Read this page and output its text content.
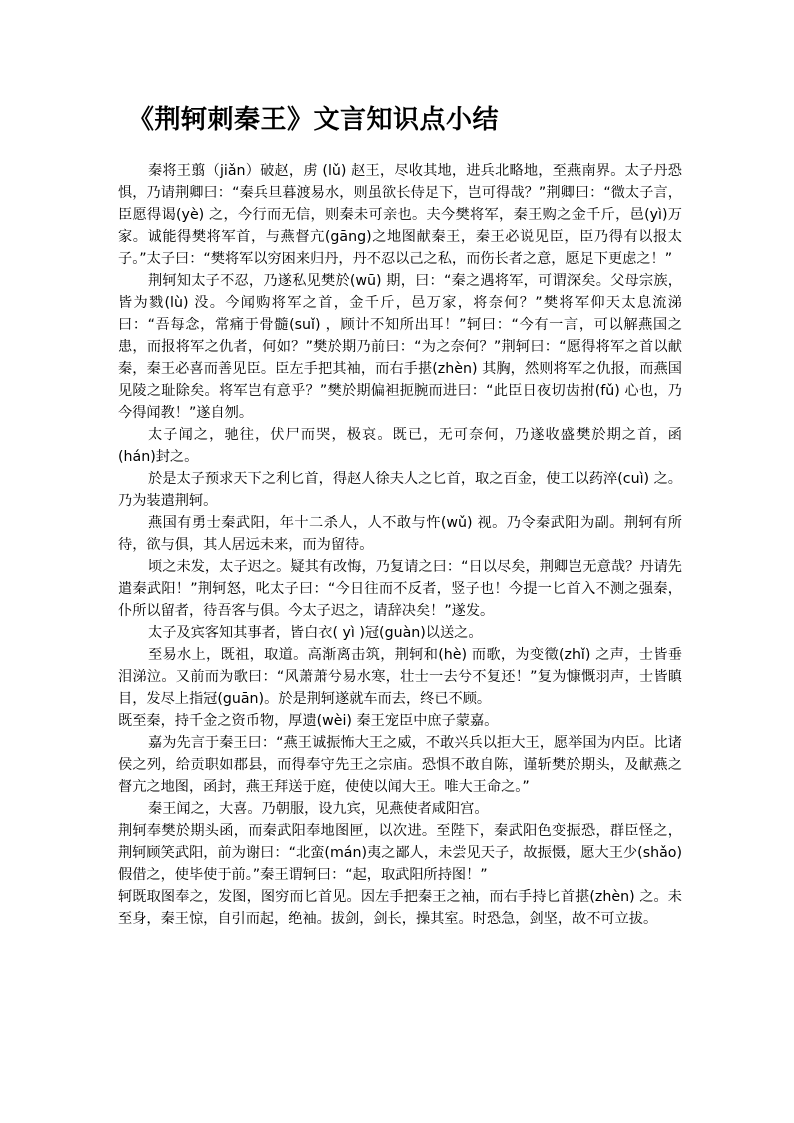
《荆轲刺秦王》文言知识点小结

秦将王翦（jiǎn）破赵，虏 (lǔ) 赵王，尽收其地，进兵北略地，至燕南界。太子丹恐惧，乃请荆卿曰：“秦兵旦暮渡易水，则虽欲长侍足下，岂可得哉？”荆卿曰：“微太子言，臣愿得谒(yè) 之，今行而无信，则秦未可亲也。夫今樊将军，秦王购之金千斤，邑(yì)万家。诚能得樊将军首，与燕督亢(gāng)之地图献秦王，秦王必说见臣，臣乃得有以报太子。”太子曰：“樊将军以穷困来归丹，丹不忍以己之私，而伤长者之意，愿足下更虑之！”

荆轲知太子不忍，乃遂私见樊於(wū) 期，曰：“秦之遇将军，可谓深矣。父母宗族，皆为戮(lù) 没。今闻购将军之首，金千斤，邑万家，将奈何？”樊将军仰天太息流涕曰：“吾每念，常痛于骨髓(suǐ) ，顾计不知所出耳！”轲曰：“今有一言，可以解燕国之患，而报将军之仇者，何如？”樊於期乃前曰：“为之奈何？”荆轲曰：“愿得将军之首以献秦，秦王必喜而善见臣。臣左手把其袖，而右手揕(zhèn) 其胸，然则将军之仇报，而燕国见陵之耻除矣。将军岂有意乎？”樊於期偏袒扼腕而进曰：“此臣日夜切齿拊(fǔ) 心也，乃今得闻教！”遂自刎。

太子闻之，驰往，伏尸而哭，极哀。既已，无可奈何，乃遂收盛樊於期之首，函(hán)封之。

於是太子预求天下之利匕首，得赵人徐夫人之匕首，取之百金，使工以药淬(cuì) 之。乃为装遣荆轲。

燕国有勇士秦武阳，年十二杀人，人不敢与忤(wǔ) 视。乃令秦武阳为副。荆轲有所待，欲与俱，其人居远未来，而为留待。

顷之未发，太子迟之。疑其有改悔，乃复请之曰：“日以尽矣，荆卿岂无意哉？丹请先遣秦武阳！”荆轲怒，叱太子曰：“今日往而不反者，竖子也！今提一匕首入不测之强秦，仆所以留者，待吾客与俱。今太子迟之，请辞决矣！”遂发。

太子及宾客知其事者，皆白衣( yì )冠(guàn)以送之。

至易水上，既祖，取道。高渐离击筑，荆轲和(hè) 而歌，为变徵(zhǐ) 之声，士皆垂泪涕泣。又前而为歌曰：“风萧萧兮易水寒，壮士一去兮不复还！”复为慷慨羽声，士皆瞋目，发尽上指冠(guān)。於是荆轲遂就车而去，终已不顾。

既至秦，持千金之资币物，厚遗(wèi) 秦王宠臣中庶子蒙嘉。

嘉为先言于秦王曰：“燕王诚振怖大王之威，不敢兴兵以拒大王，愿举国为内臣。比诸侯之列，给贡职如郡县，而得奉守先王之宗庙。恐惧不敢自陈，谨斩樊於期头，及献燕之督亢之地图，函封，燕王拜送于庭，使使以闻大王。唯大王命之。”

秦王闻之，大喜。乃朝服，设九宾，见燕使者咸阳宫。

荆轲奉樊於期头函，而秦武阳奉地图匣，以次进。至陛下，秦武阳色变振恐，群臣怪之，荆轲顾笑武阳，前为谢曰：“北蛮(mán)夷之鄙人，未尝见天子，故振慑，愿大王少(shǎo)假借之，使毕使于前。”秦王谓轲曰：“起，取武阳所持图！”

轲既取图奉之，发图，图穷而匕首见。因左手把秦王之袖，而右手持匕首揕(zhèn) 之。未至身，秦王惊，自引而起，绝袖。拔剑，剑长，操其室。时恐急，剑坚，故不可立拔。
